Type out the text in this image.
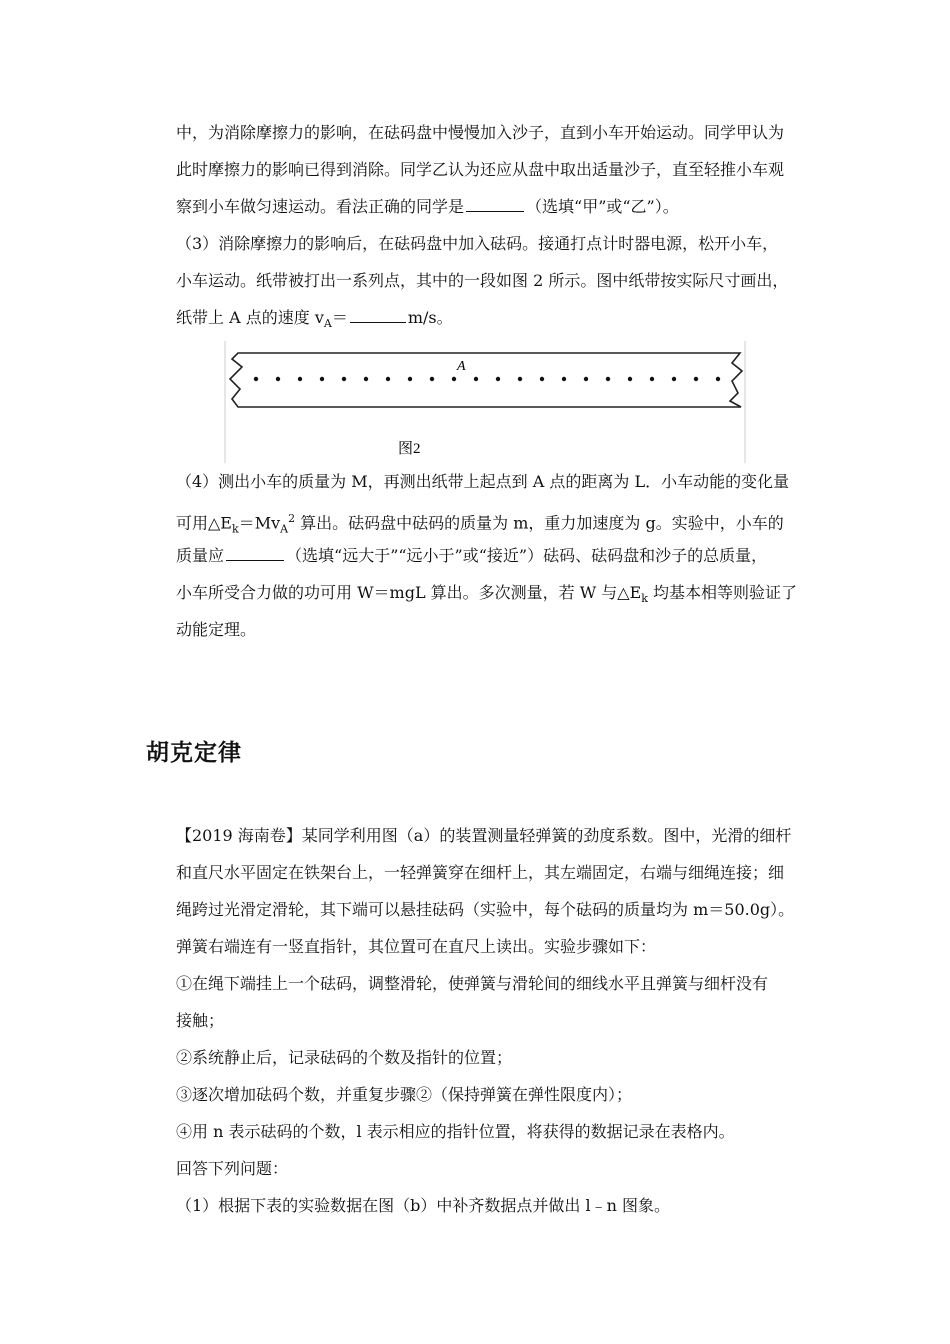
中，为消除摩擦力的影响，在砝码盘中慢慢加入沙子，直到小车开始运动。同学甲认为
此时摩擦力的影响已得到消除。同学乙认为还应从盘中取出适量沙子，直至轻推小车观
察到小车做匀速运动。看法正确的同学是	（选填“甲”或“乙”）。
（3）消除摩擦力的影响后，在砝码盘中加入砝码。接通打点计时器电源，松开小车，
小车运动。纸带被打出一系列点，其中的一段如图 2 所示。图中纸带按实际尺寸画出，
纸带上 A 点的速度 $v_A=$	m/s。
A
图2
（4）测出小车的质量为 M，再测出纸带上起点到 A 点的距离为 L．小车动能的变化量
可用$\triangle E_k=Mv_A^2$ 算出。砝码盘中砝码的质量为 m，重力加速度为 g。实验中，小车的
质量应	（选填“远大于”“远小于”或“接近”）砝码、砝码盘和沙子的总质量，
小车所受合力做的功可用 W＝mgL 算出。多次测量，若 W 与$\triangle E_k$ 均基本相等则验证了
动能定理。
胡克定律
【2019 海南卷】某同学利用图（a）的装置测量轻弹簧的劲度系数。图中，光滑的细杆
和直尺水平固定在铁架台上，一轻弹簧穿在细杆上，其左端固定，右端与细绳连接；细
绳跨过光滑定滑轮，其下端可以悬挂砝码（实验中，每个砝码的质量均为 m＝50.0g）。
弹簧右端连有一竖直指针，其位置可在直尺上读出。实验步骤如下：
①在绳下端挂上一个砝码，调整滑轮，使弹簧与滑轮间的细线水平且弹簧与细杆没有
接触；
②系统静止后，记录砝码的个数及指针的位置；
③逐次增加砝码个数，并重复步骤②（保持弹簧在弹性限度内）；
④用 n 表示砝码的个数，l 表示相应的指针位置，将获得的数据记录在表格内。
回答下列问题：
（1）根据下表的实验数据在图（b）中补齐数据点并做出 l﹣n 图象。
